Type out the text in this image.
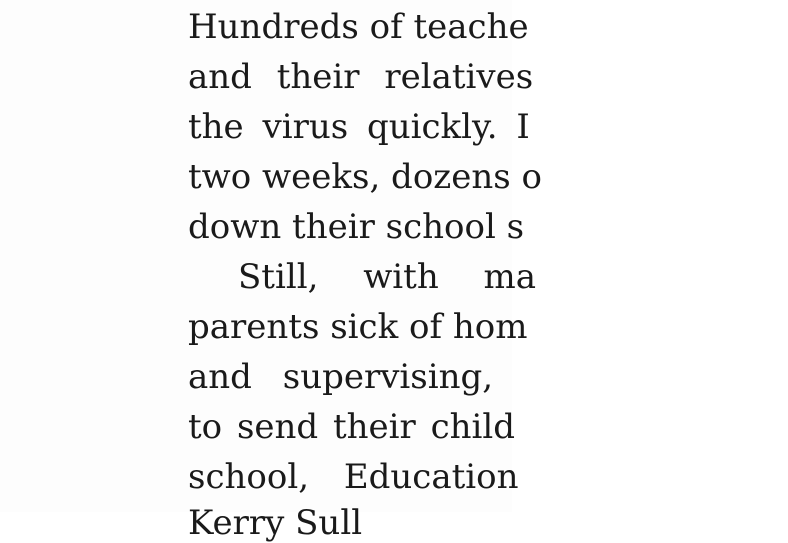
Hundreds of teache
and their relatives
the virus quickly. I
two weeks, dozens o
down their school s
Still, with ma
parents sick of hom
and supervising,
to send their child
school, Education
Kerry Sull
